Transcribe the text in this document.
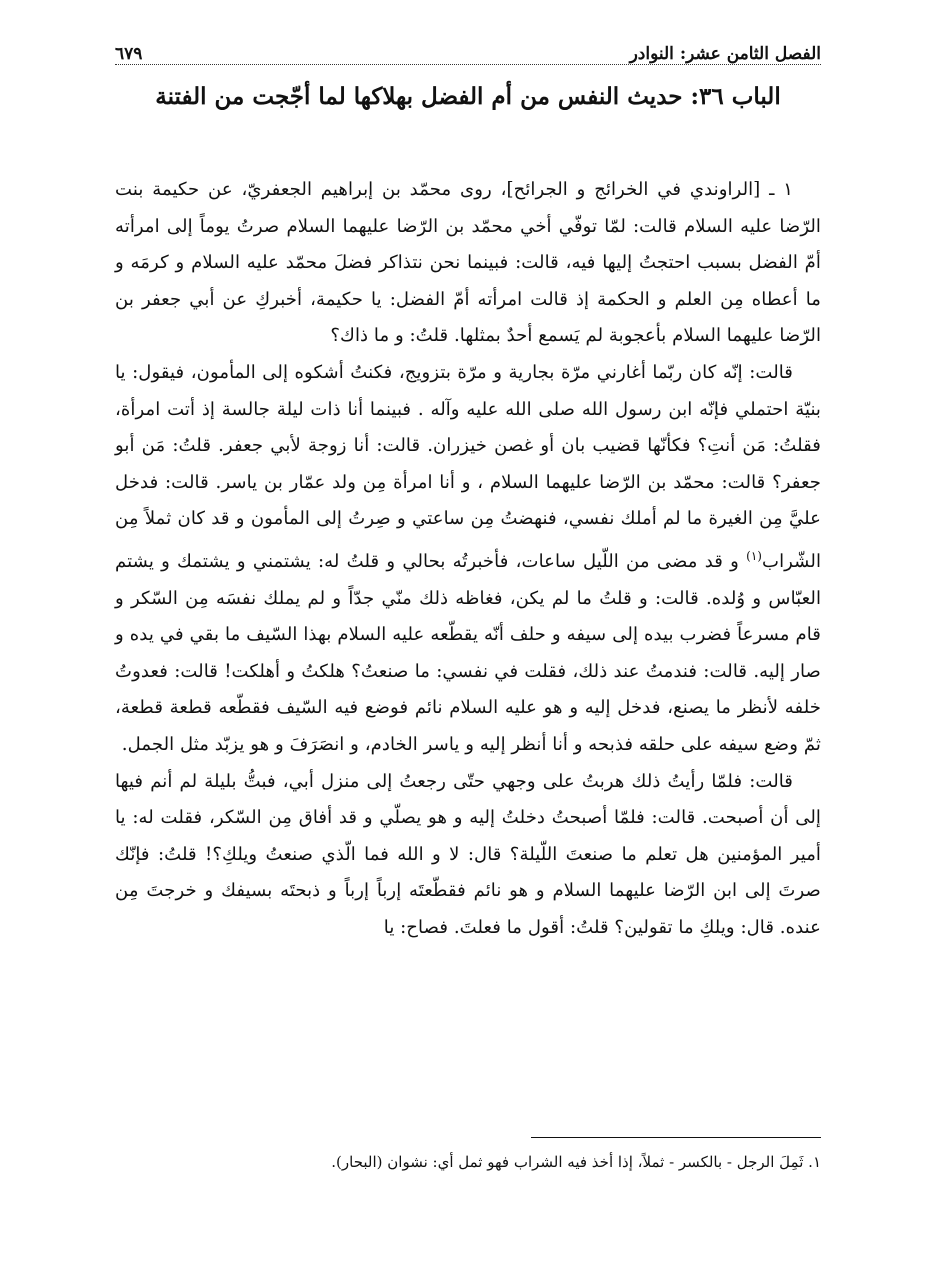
الفصل الثامن عشر: النوادر
٦٧٩
الباب ٣٦: حديث النفس من أم الفضل بهلاكها لما أجّجت من الفتنة

١ ـ [الراوندي في الخرائج و الجرائح]، روى محمّد بن إبراهيم الجعفريّ، عن حكيمة بنت الرّضا عليه السلام قالت: لمّا توفّي أخي محمّد بن الرّضا عليهما السلام صرتُ يوماً إلى امرأته أمّ الفضل بسبب احتجتُ إليها فيه، قالت: فبينما نحن نتذاكر فضلَ محمّد عليه السلام و كرمَه و ما أعطاه مِن العلم و الحكمة إذ قالت امرأته أمّ الفضل: يا حكيمة، أخبركِ عن أبي جعفر بن الرّضا عليهما السلام بأعجوبة لم يَسمع أحدٌ بمثلها. قلتُ: و ما ذاك؟

قالت: إنّه كان ربّما أغارني مرّة بجارية و مرّة بتزويج، فكنتُ أشكوه إلى المأمون، فيقول: يا بنيّة احتملي فإنّه ابن رسول الله صلى الله عليه وآله . فبينما أنا ذات ليلة جالسة إذ أتت امرأة، فقلتُ: مَن أنتِ؟ فكأنّها قضيب بان أو غصن خيزران. قالت: أنا زوجة لأبي جعفر. قلتُ: مَن أبو جعفر؟ قالت: محمّد بن الرّضا عليهما السلام ، و أنا امرأة مِن ولد عمّار بن ياسر. قالت: فدخل عليَّ مِن الغيرة ما لم أملك نفسي، فنهضتُ مِن ساعتي و صِرتُ إلى المأمون و قد كان ثملاً مِن الشّراب$^{(١)}$ و قد مضى من اللّيل ساعات، فأخبرتُه بحالي و قلتُ له: يشتمني و يشتمك و يشتم العبّاس و وُلده. قالت: و قلتُ ما لم يكن، فغاظه ذلك منّي جدّاً و لم يملك نفسَه مِن السّكر و قام مسرعاً فضرب بيده إلى سيفه و حلف أنّه يقطّعه عليه السلام بهذا السّيف ما بقي في يده و صار إليه. قالت: فندمتُ عند ذلك، فقلت في نفسي: ما صنعتُ؟ هلكتُ و أهلكت! قالت: فعدوتُ خلفه لأنظر ما يصنع، فدخل إليه و هو عليه السلام نائم فوضع فيه السّيف فقطّعه قطعة قطعة، ثمّ وضع سيفه على حلقه فذبحه و أنا أنظر إليه و ياسر الخادم، و انصَرَفَ و هو يزبّد مثل الجمل.

قالت: فلمّا رأيتُ ذلك هربتُ على وجهي حتّى رجعتُ إلى منزل أبي، فبتُّ بليلة لم أنم فيها إلى أن أصبحت. قالت: فلمّا أصبحتُ دخلتُ إليه و هو يصلّي و قد أفاق مِن السّكر، فقلت له: يا أمير المؤمنين هل تعلم ما صنعتَ اللّيلة؟ قال: لا و الله فما الّذي صنعتُ ويلكِ؟! قلتُ: فإنّك صرتَ إلى ابن الرّضا عليهما السلام و هو نائم فقطّعتَه إرباً إرباً و ذبحتَه بسيفك و خرجتَ مِن عنده. قال: ويلكِ ما تقولين؟ قلتُ: أقول ما فعلتَ. فصاح: يا

١. ثَمِلَ الرجل - بالكسر - ثملاً، إذا أخذ فيه الشراب فهو ثمل أي: نشوان (البحار).
